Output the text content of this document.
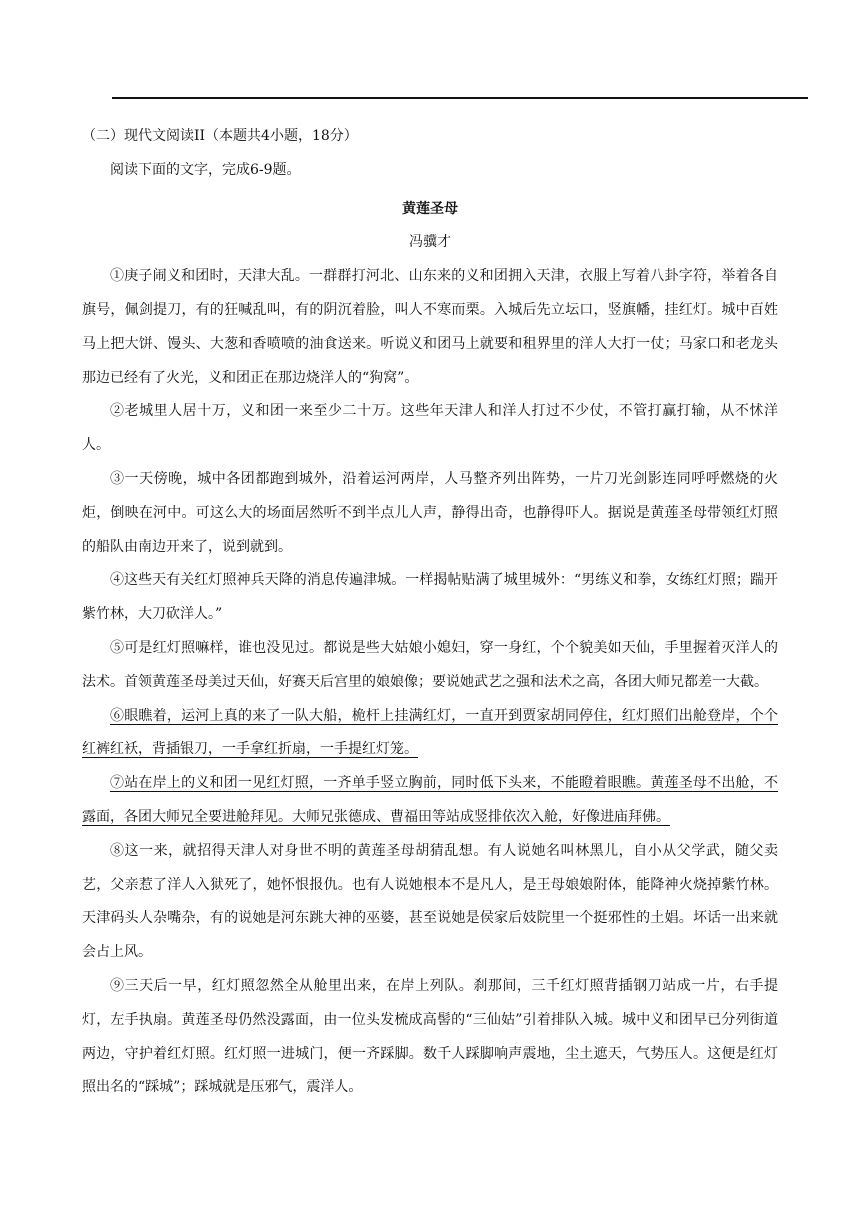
（二）现代文阅读II（本题共4小题，18分）

阅读下面的文字，完成6-9题。

黄莲圣母

冯骥才

①庚子闹义和团时，天津大乱。一群群打河北、山东来的义和团拥入天津，衣服上写着八卦字符，举着各自旗号，佩剑提刀，有的狂喊乱叫，有的阴沉着脸，叫人不寒而栗。入城后先立坛口，竖旗幡，挂红灯。城中百姓马上把大饼、馒头、大葱和香喷喷的油食送来。听说义和团马上就要和租界里的洋人大打一仗；马家口和老龙头那边已经有了火光，义和团正在那边烧洋人的“狗窝”。

②老城里人居十万，义和团一来至少二十万。这些年天津人和洋人打过不少仗，不管打赢打输，从不怵洋人。

③一天傍晚，城中各团都跑到城外，沿着运河两岸，人马整齐列出阵势，一片刀光剑影连同呼呼燃烧的火炬，倒映在河中。可这么大的场面居然听不到半点儿人声，静得出奇，也静得吓人。据说是黄莲圣母带领红灯照的船队由南边开来了，说到就到。

④这些天有关红灯照神兵天降的消息传遍津城。一样揭帖贴满了城里城外：“男练义和拳，女练红灯照；踹开紫竹林，大刀砍洋人。”

⑤可是红灯照嘛样，谁也没见过。都说是些大姑娘小媳妇，穿一身红，个个貌美如天仙，手里握着灭洋人的法术。首领黄莲圣母美过天仙，好赛天后宫里的娘娘像；要说她武艺之强和法术之高，各团大师兄都差一大截。

⑥眼瞧着，运河上真的来了一队大船，桅杆上挂满红灯，一直开到贾家胡同停住，红灯照们出舱登岸，个个红裤红袄，背插银刀，一手拿红折扇，一手提红灯笼。

⑦站在岸上的义和团一见红灯照，一齐单手竖立胸前，同时低下头来，不能瞪着眼瞧。黄莲圣母不出舱，不露面，各团大师兄全要进舱拜见。大师兄张德成、曹福田等站成竖排依次入舱，好像进庙拜佛。

⑧这一来，就招得天津人对身世不明的黄莲圣母胡猜乱想。有人说她名叫林黑儿，自小从父学武，随父卖艺，父亲惹了洋人入狱死了，她怀恨报仇。也有人说她根本不是凡人，是王母娘娘附体，能降神火烧掉紫竹林。天津码头人杂嘴杂，有的说她是河东跳大神的巫婆，甚至说她是侯家后妓院里一个挺邪性的土娼。坏话一出来就会占上风。

⑨三天后一早，红灯照忽然全从舱里出来，在岸上列队。刹那间，三千红灯照背插钢刀站成一片，右手提灯，左手执扇。黄莲圣母仍然没露面，由一位头发梳成高髻的“三仙姑”引着排队入城。城中义和团早已分列街道两边，守护着红灯照。红灯照一进城门，便一齐踩脚。数千人踩脚响声震地，尘土遮天，气势压人。这便是红灯照出名的“踩城”；踩城就是压邪气，震洋人。
